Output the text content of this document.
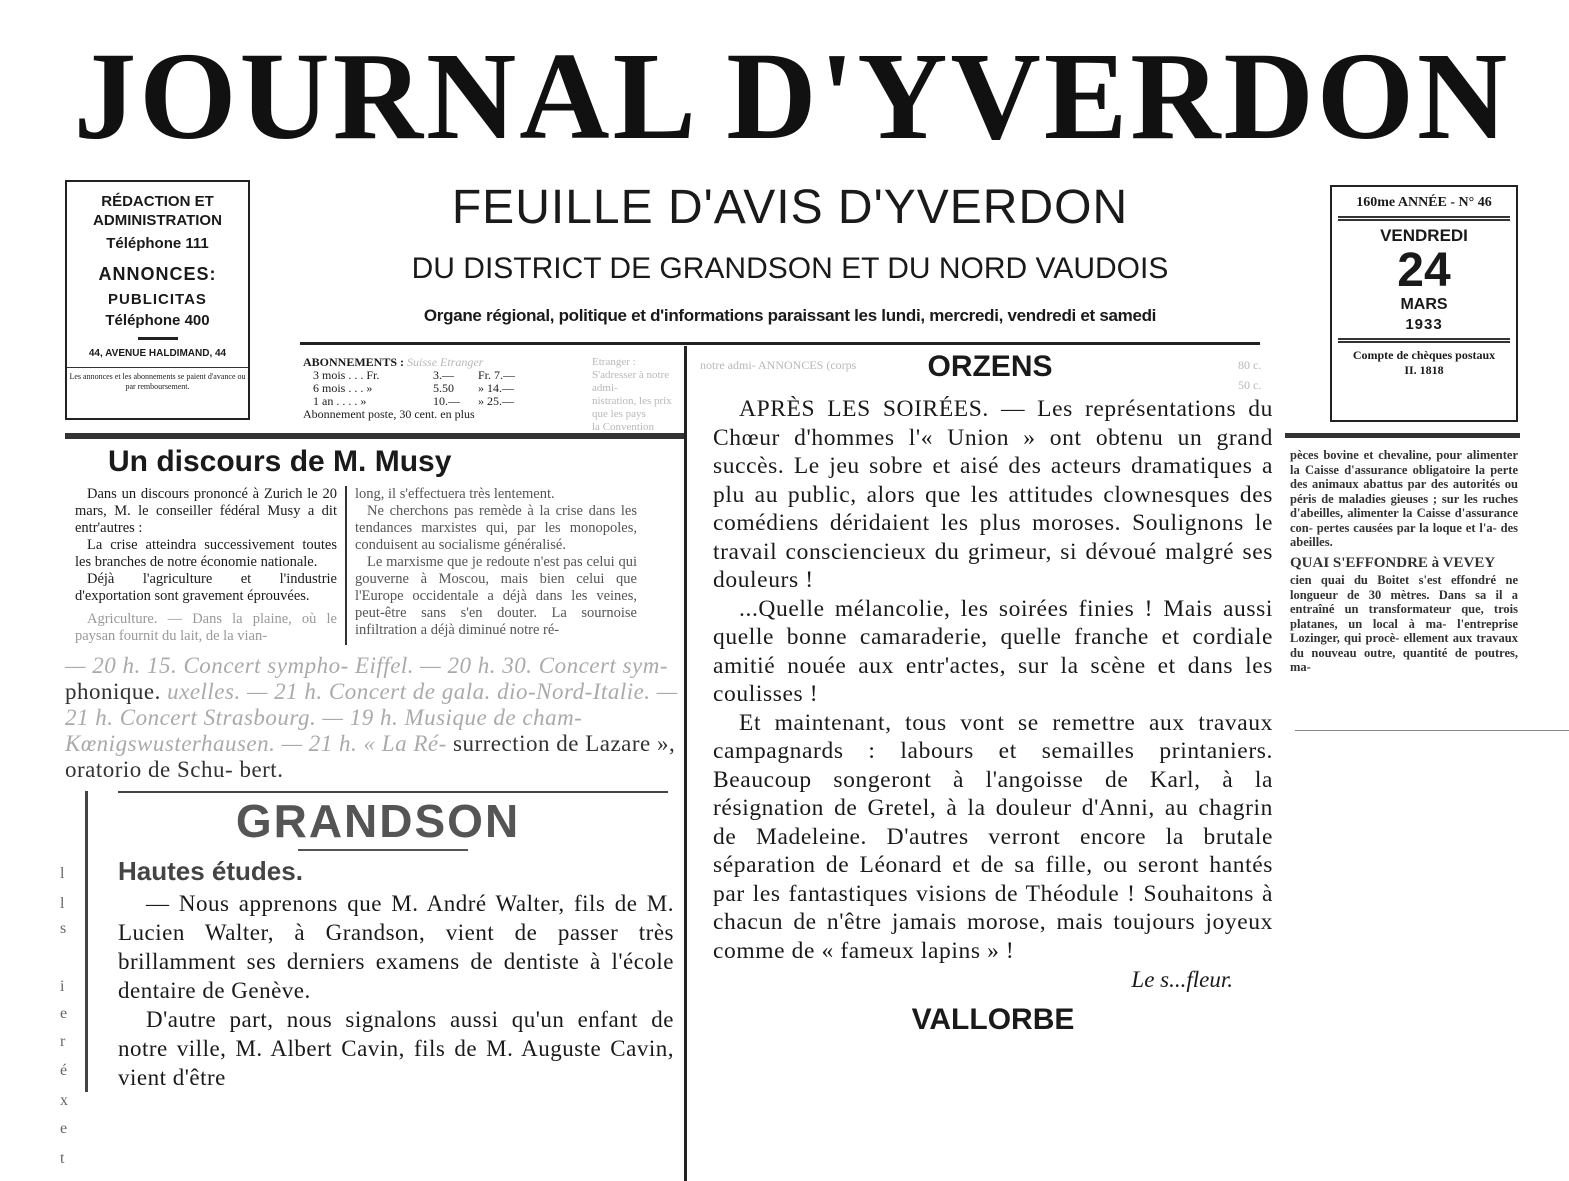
JOURNAL D'YVERDON
RÉDACTION ET ADMINISTRATION
Téléphone 111
ANNONCES:
PUBLICITAS
Téléphone 400
44, AVENUE HALDIMAND, 44
Les annonces et les abonnements se paient d'avance ou par remboursement.
FEUILLE D'AVIS D'YVERDON
DU DISTRICT DE GRANDSON ET DU NORD VAUDOIS
Organe régional, politique et d'informations paraissant les lundi, mercredi, vendredi et samedi
160me ANNÉE - N° 46
VENDREDI
24
MARS
1933
Compte de chèques postaux
II. 1818
ABONNEMENTS : Suisse Etranger
3 mois . . . Fr.	3.—	Fr. 7.—
6 mois . . . »	5.50	» 14.—
1 an . . . . »	10.—	» 25.—
Abonnement poste, 30 cent. en plus
Etranger : S'adresser à notre admi-
nistration, les prix
que les pays
la Convention
notre admi- ANNONCES (corps	80 c.
50 c.
Un discours de M. Musy

Dans un discours prononcé à Zurich le 20 mars, M. le conseiller fédéral Musy a dit entr'autres :

La crise atteindra successivement toutes les branches de notre économie nationale.

Déjà l'agriculture et l'industrie d'exportation sont gravement éprouvées.

Agriculture. — Dans la plaine, où le paysan fournit du lait, de la vian-

long, il s'effectuera très lentement.

Ne cherchons pas remède à la crise dans les tendances marxistes qui, par les monopoles, conduisent au socialisme généralisé.

Le marxisme que je redoute n'est pas celui qui gouverne à Moscou, mais bien celui que l'Europe occidentale a déjà dans les veines, peut-être sans s'en douter. La sournoise infiltration a déjà diminué notre ré-

— 20 h. 15. Concert sympho- Eiffel. — 20 h. 30. Concert sym- phonique. uxelles. — 21 h. Concert de gala. dio-Nord-Italie. — 21 h. Concert Strasbourg. — 19 h. Musique de cham- Kœnigswusterhausen. — 21 h. « La Ré- surrection de Lazare », oratorio de Schu- bert.
GRANDSON
Hautes études.

— Nous apprenons que M. André Walter, fils de M. Lucien Walter, à Grandson, vient de passer très brillamment ses derniers examens de dentiste à l'école dentaire de Genève.

D'autre part, nous signalons aussi qu'un enfant de notre ville, M. Albert Cavin, fils de M. Auguste Cavin, vient d'être

ORZENS

APRÈS LES SOIRÉES. — Les représentations du Chœur d'hommes l'« Union » ont obtenu un grand succès. Le jeu sobre et aisé des acteurs dramatiques a plu au public, alors que les attitudes clownesques des comédiens déridaient les plus moroses. Soulignons le travail consciencieux du grimeur, si dévoué malgré ses douleurs !

...Quelle mélancolie, les soirées finies ! Mais aussi quelle bonne camaraderie, quelle franche et cordiale amitié nouée aux entr'actes, sur la scène et dans les coulisses !

Et maintenant, tous vont se remettre aux travaux campagnards : labours et semailles printaniers. Beaucoup songeront à l'angoisse de Karl, à la résignation de Gretel, à la douleur d'Anni, au chagrin de Madeleine. D'autres verront encore la brutale séparation de Léonard et de sa fille, ou seront hantés par les fantastiques visions de Théodule ! Souhaitons à chacun de n'être jamais morose, mais toujours joyeux comme de « fameux lapins » !

Le s...fleur.
VALLORBE

pèces bovine et chevaline, pour alimenter la Caisse d'assurance obligatoire la perte des animaux abattus par des autorités ou péris de maladies gieuses ; sur les ruches d'abeilles, alimenter la Caisse d'assurance con- pertes causées par la loque et l'a- des abeilles.

QUAI S'EFFONDRE à VEVEY

cien quai du Boitet s'est effondré ne longueur de 30 mètres. Dans sa il a entraîné un transformateur que, trois platanes, un local à ma- l'entreprise Lozinger, qui procè- ellement aux travaux du nouveau outre, quantité de poutres, ma-

l
l
s
i
e
r
é
x
e
t
